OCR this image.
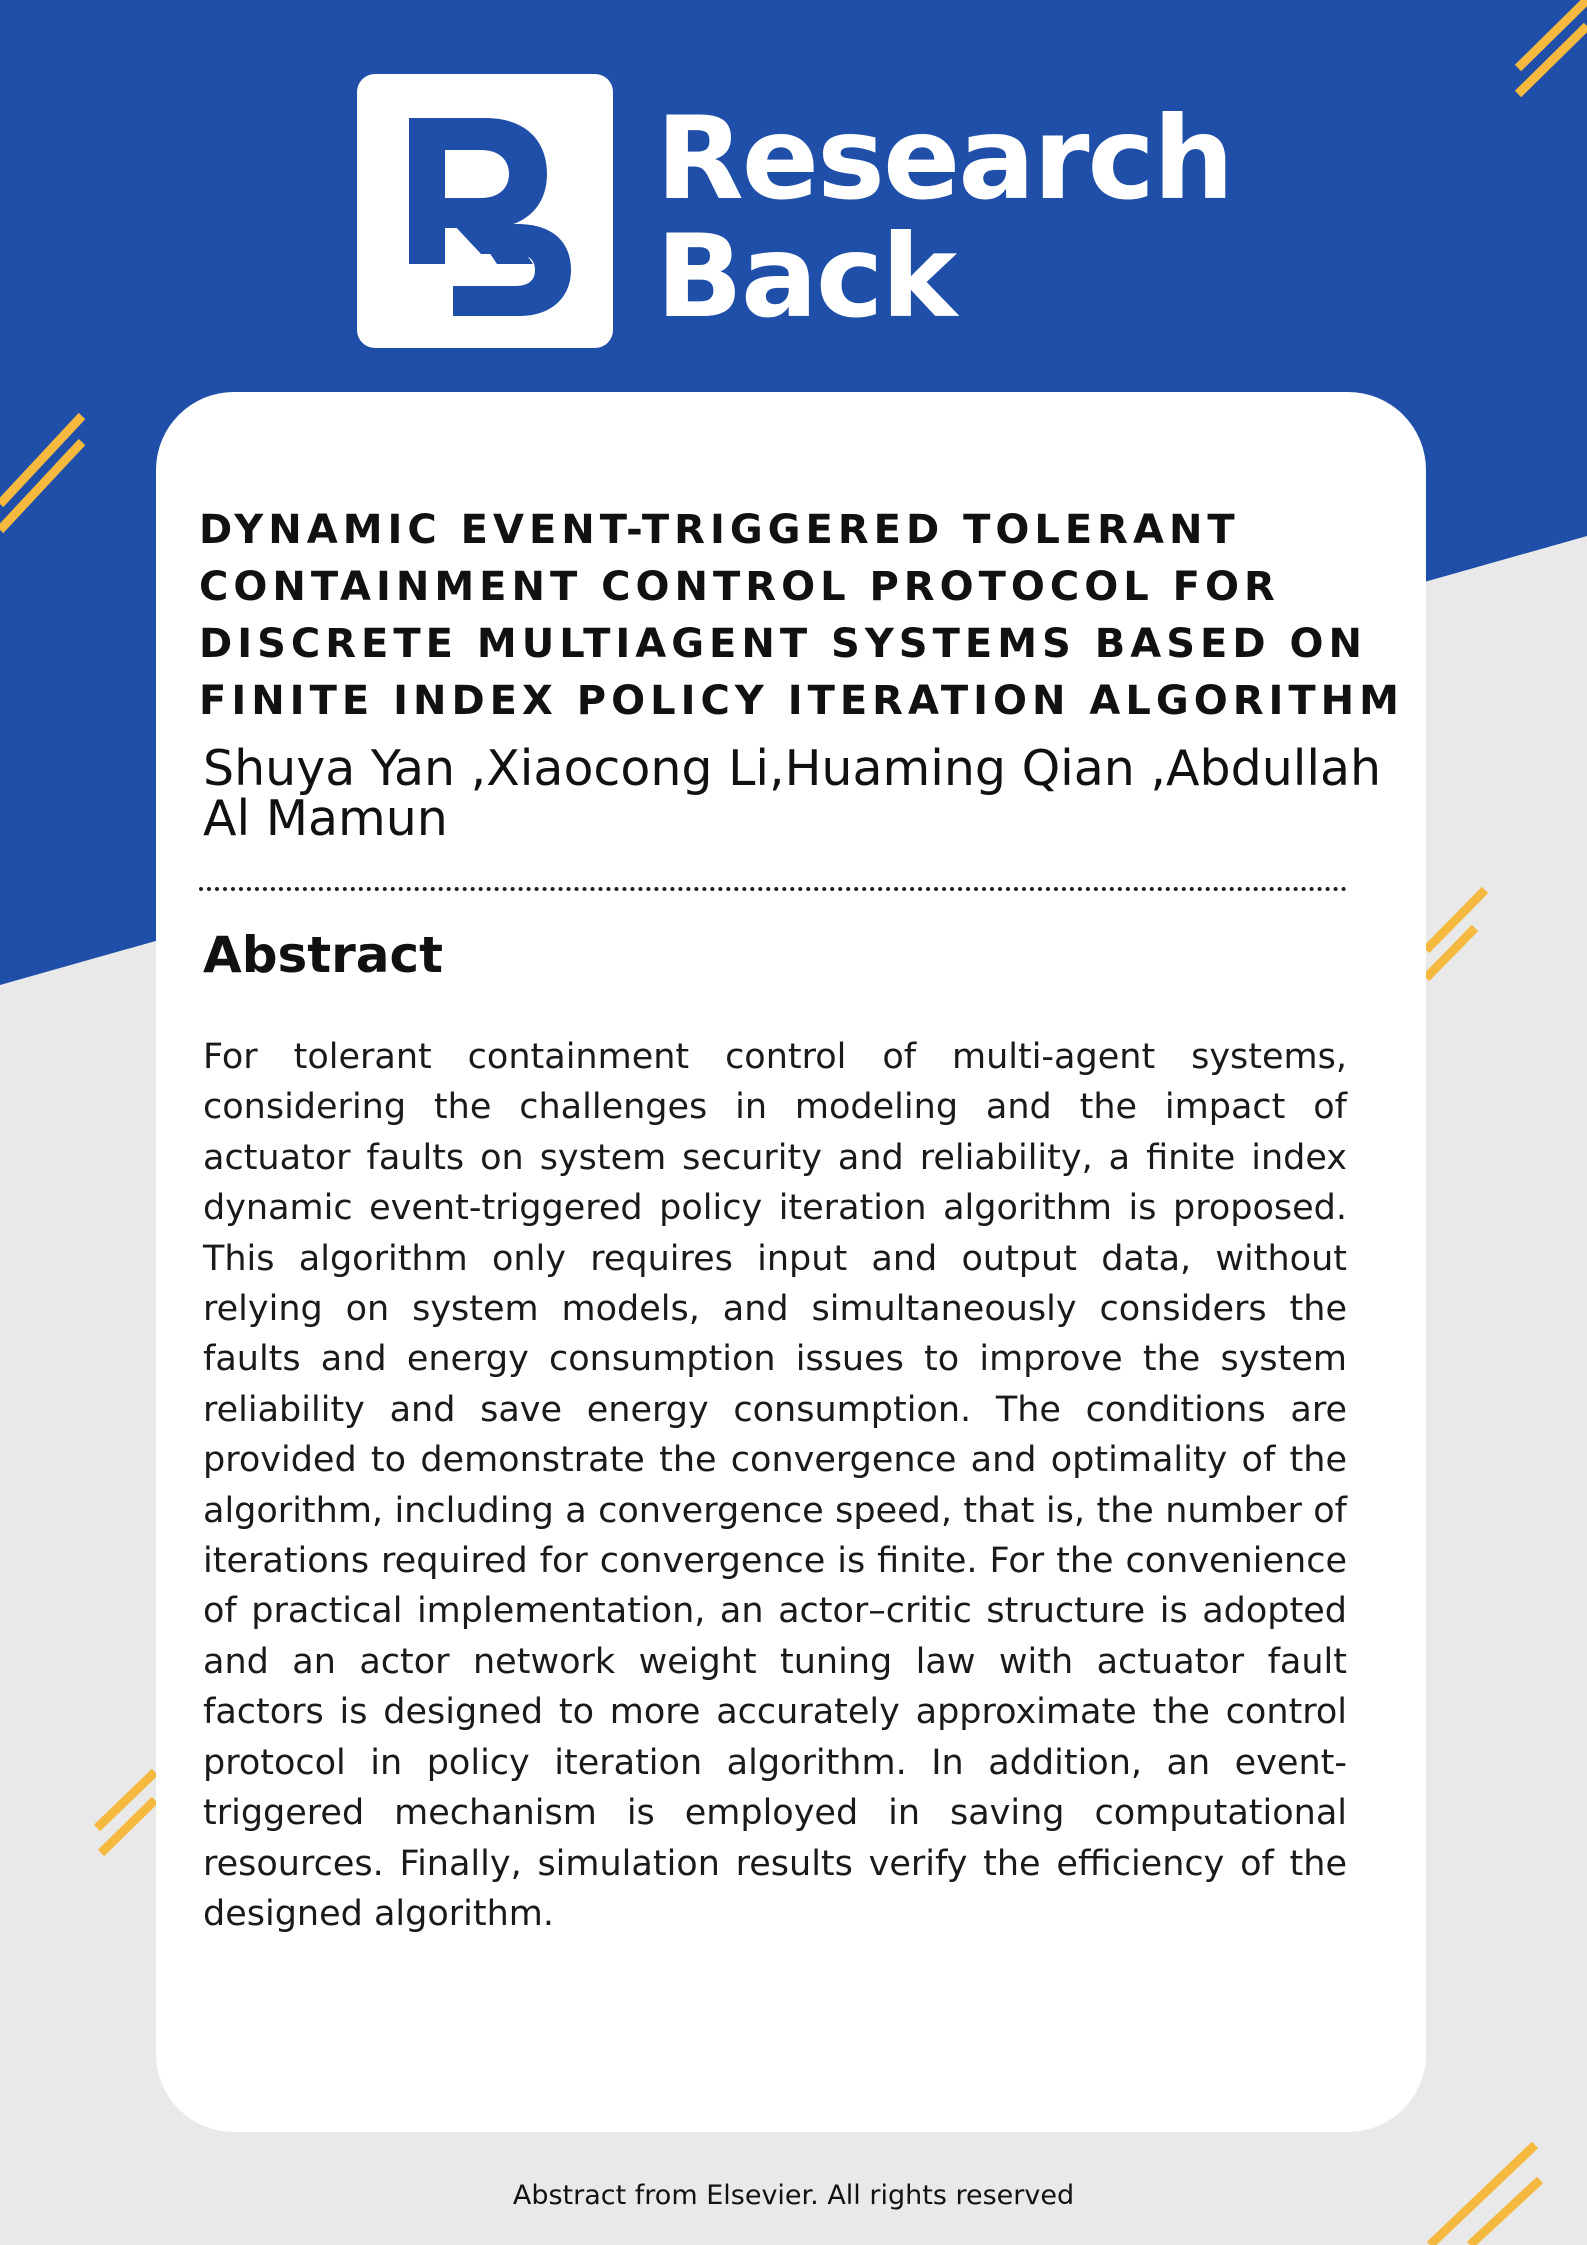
Research
Back
DYNAMIC EVENT-TRIGGERED TOLERANT CONTAINMENT CONTROL PROTOCOL FOR DISCRETE MULTIAGENT SYSTEMS BASED ON FINITE INDEX POLICY ITERATION ALGORITHM

Shuya Yan ,Xiaocong Li,Huaming Qian ,Abdullah Al Mamun

Abstract

For tolerant containment control of multi-agent systems, considering the challenges in modeling and the impact of actuator faults on system security and reliability, a finite index dynamic event-triggered policy iteration algorithm is proposed. This algorithm only requires input and output data, without relying on system models, and simultaneously considers the faults and energy consumption issues to improve the system reliability and save energy consumption. The conditions are provided to demonstrate the convergence and optimality of the algorithm, including a convergence speed, that is, the number of iterations required for convergence is finite. For the convenience of practical implementation, an actor–critic structure is adopted and an actor network weight tuning law with actuator fault factors is designed to more accurately approximate the control protocol in policy iteration algorithm. In addition, an event-triggered mechanism is employed in saving computational resources. Finally, simulation results verify the efficiency of the designed algorithm.

Abstract from Elsevier. All rights reserved
